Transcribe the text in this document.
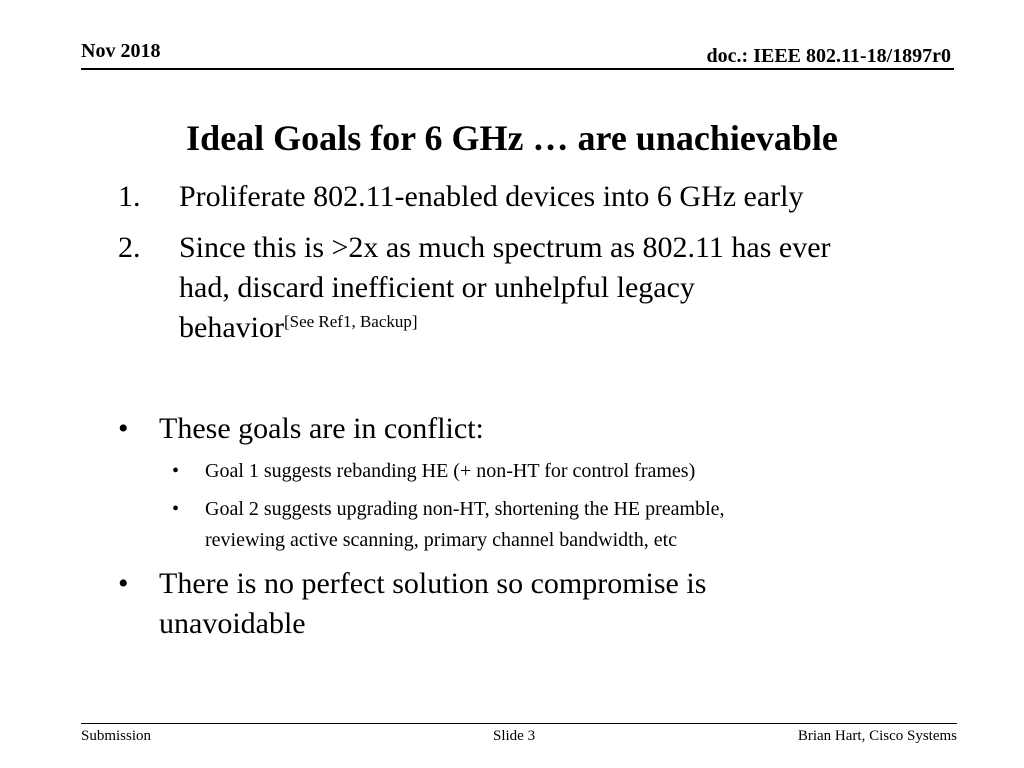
Nov 2018	doc.: IEEE 802.11-18/1897r0
Ideal Goals for 6 GHz … are unachievable
1. Proliferate 802.11-enabled devices into 6 GHz early
2. Since this is >2x as much spectrum as 802.11 has ever
had, discard inefficient or unhelpful legacy
behavior[See Ref1, Backup]
• These goals are in conflict:
• Goal 1 suggests rebanding HE (+ non-HT for control frames)
• Goal 2 suggests upgrading non-HT, shortening the HE preamble,
reviewing active scanning, primary channel bandwidth, etc
• There is no perfect solution so compromise is
unavoidable
Submission	Slide 3	Brian Hart, Cisco Systems
